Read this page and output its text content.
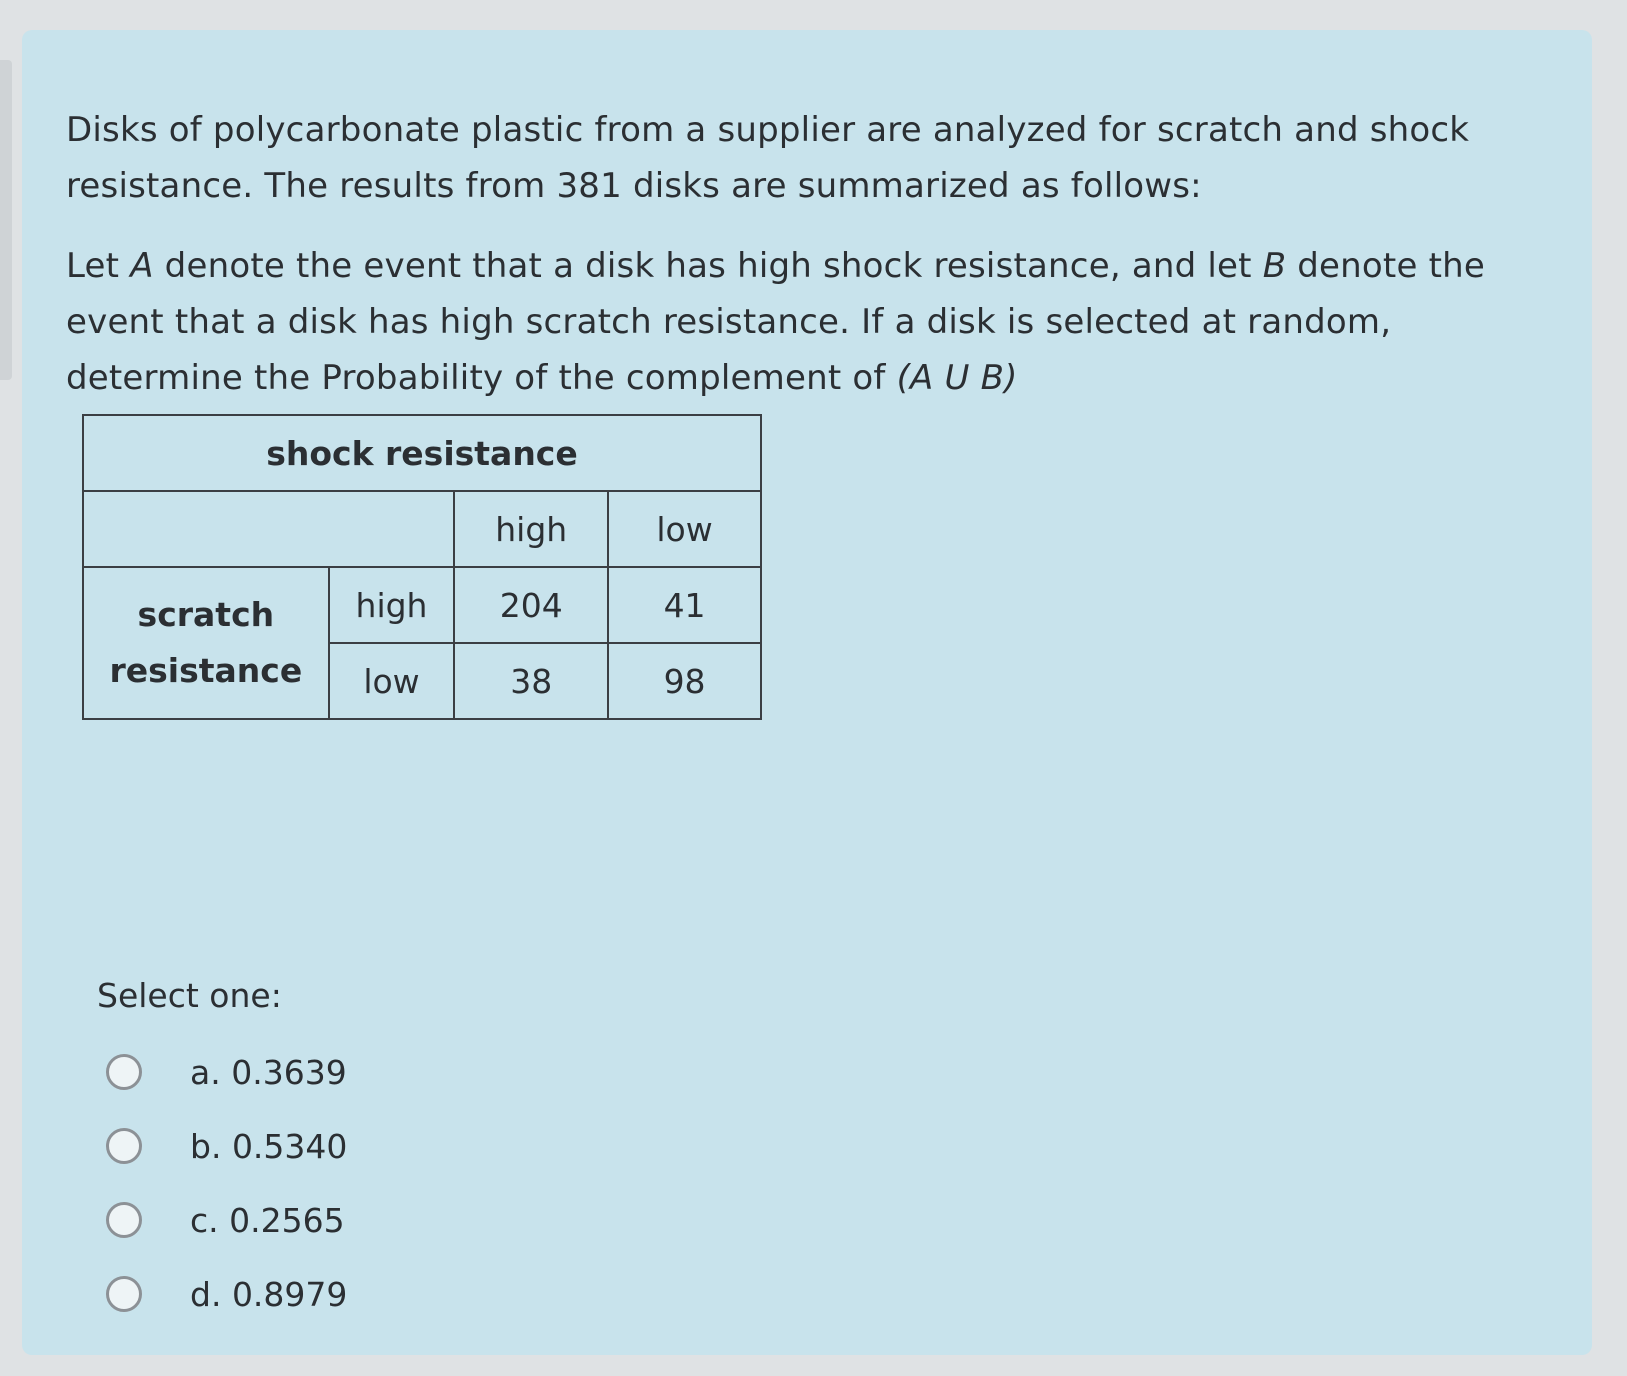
Disks of polycarbonate plastic from a supplier are analyzed for scratch and shock resistance. The results from 381 disks are summarized as follows:

Let A denote the event that a disk has high shock resistance, and let B denote the event that a disk has high scratch resistance. If a disk is selected at random, determine the Probability of the complement of (A U B)

shock resistance			
		high	low
scratch resistance	high	204	41
	low	38	98
Select one:
a. 0.3639
b. 0.5340
c. 0.2565
d. 0.8979
